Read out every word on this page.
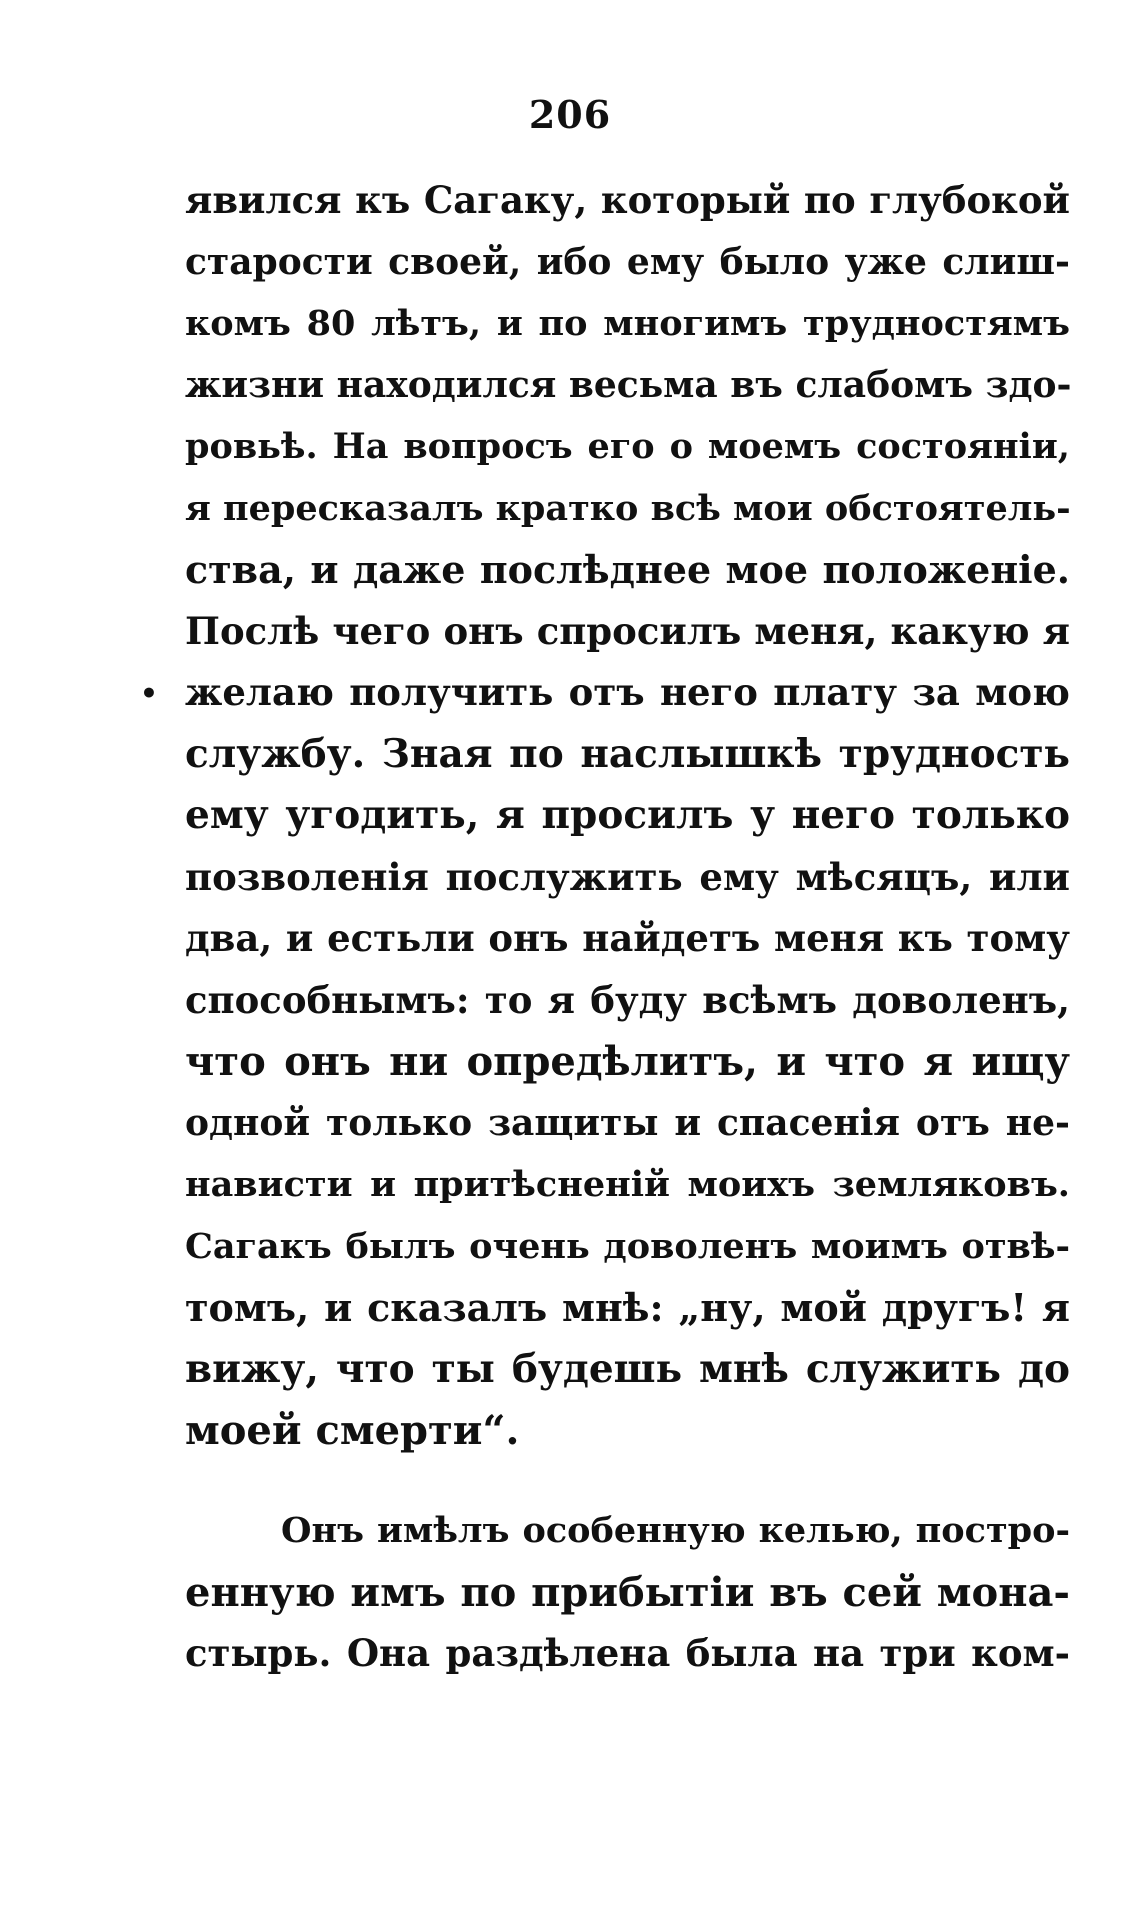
206
•
явился къ Сагаку, который по глубокой
старости своей, ибо ему было уже слиш-
комъ 80 лѣтъ, и по многимъ трудностямъ
жизни находился весьма въ слабомъ здо-
ровьѣ. На вопросъ его о моемъ состояніи,
я пересказалъ кратко всѣ мои обстоятель-
ства, и даже послѣднее мое положеніе.
Послѣ чего онъ спросилъ меня, какую я
желаю получить отъ него плату за мою
службу. Зная по наслышкѣ трудность
ему угодить, я просилъ у него только
позволенія послужить ему мѣсяцъ, или
два, и естьли онъ найдетъ меня къ тому
способнымъ: то я буду всѣмъ доволенъ,
что онъ ни опредѣлитъ, и что я ищу
одной только защиты и спасенія отъ не-
нависти и притѣсненій моихъ земляковъ.
Сагакъ былъ очень доволенъ моимъ отвѣ-
томъ, и сказалъ мнѣ: „ну, мой другъ! я
вижу, что ты будешь мнѣ служить до
моей смерти“.
Онъ имѣлъ особенную келью, постро-
енную имъ по прибытіи въ сей мона-
стырь. Она раздѣлена была на три ком-
